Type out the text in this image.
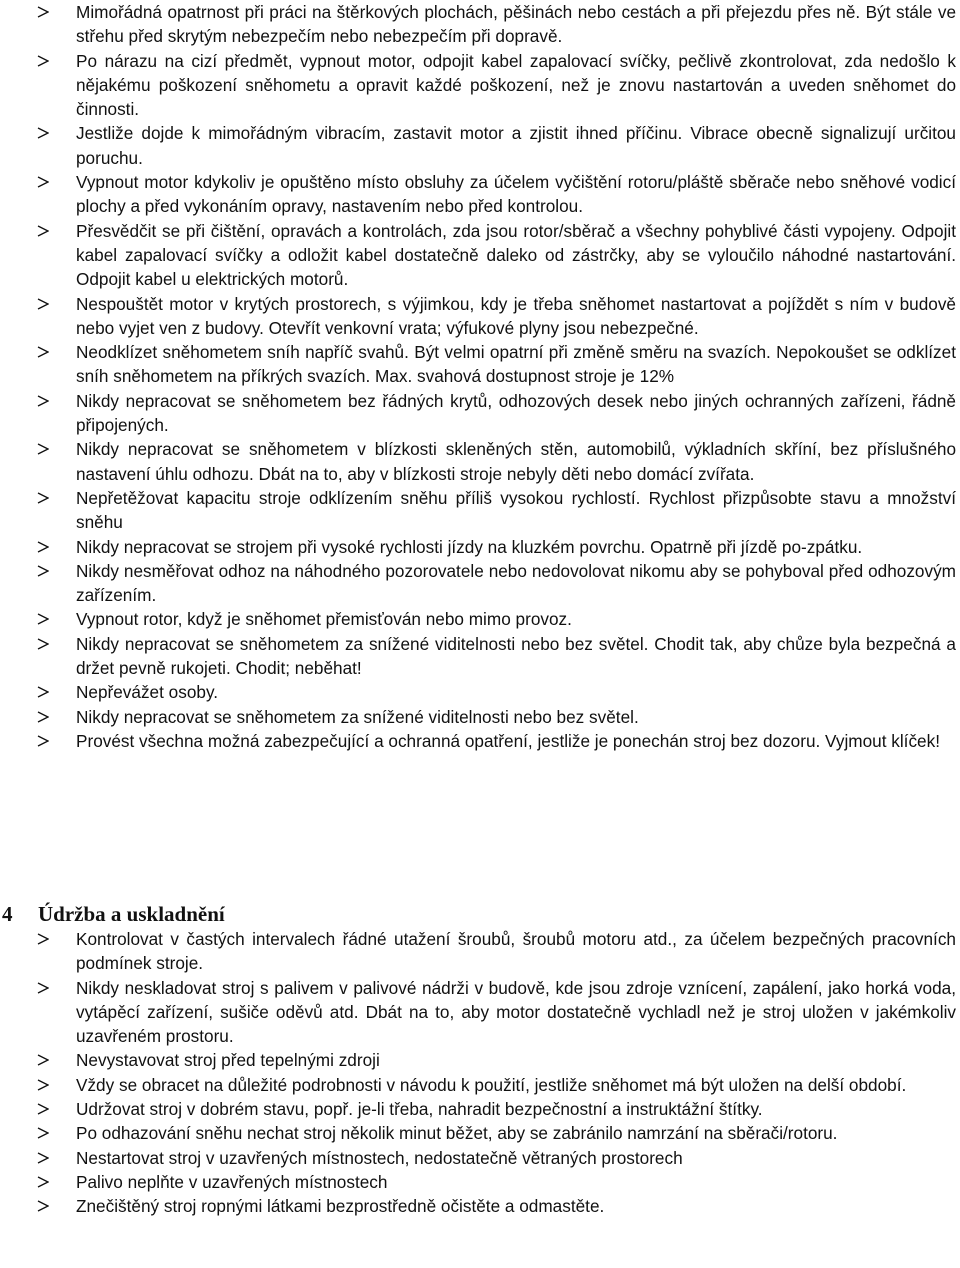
Mimořádná opatrnost při práci na štěrkových plochách, pěšinách nebo cestách a při přejezdu přes ně. Být stále ve střehu před skrytým nebezpečím nebo nebezpečím při dopravě.
Po nárazu na cizí předmět, vypnout motor, odpojit kabel zapalovací svíčky, pečlivě zkontrolovat, zda nedošlo k nějakému poškození sněhometu a opravit každé poškození, než je znovu nastartován a uveden sněhomet do činnosti.
Jestliže dojde k mimořádným vibracím, zastavit motor a zjistit ihned příčinu. Vibrace obecně signalizují určitou poruchu.
Vypnout motor kdykoliv je opuštěno místo obsluhy za účelem vyčištění rotoru/pláště sběrače nebo sněhové vodicí plochy a před vykonáním opravy, nastavením nebo před kontrolou.
Přesvědčit se při čištění, opravách a kontrolách, zda jsou rotor/sběrač a všechny pohyblivé části vypojeny. Odpojit kabel zapalovací svíčky a odložit kabel dostatečně daleko od zástrčky, aby se vyloučilo náhodné nastartování. Odpojit kabel u elektrických motorů.
Nespouštět motor v krytých prostorech, s výjimkou, kdy je třeba sněhomet nastartovat a pojíždět s ním v budově nebo vyjet ven z budovy. Otevřít venkovní vrata; výfukové plyny jsou nebezpečné.
Neodklízet sněhometem sníh napříč svahů. Být velmi opatrní při změně směru na svazích. Nepokoušet se odklízet sníh sněhometem na příkrých svazích. Max. svahová dostupnost stroje je 12%
Nikdy nepracovat se sněhometem bez řádných krytů, odhozových desek nebo jiných ochranných zařízeni, řádně připojených.
Nikdy nepracovat se sněhometem v blízkosti skleněných stěn, automobilů, výkladních skříní, bez příslušného nastavení úhlu odhozu. Dbát na to, aby v blízkosti stroje nebyly děti nebo domácí zvířata.
Nepřetěžovat kapacitu stroje odklízením sněhu příliš vysokou rychlostí. Rychlost přizpůsobte stavu a množství sněhu
Nikdy nepracovat se strojem při vysoké rychlosti jízdy na kluzkém povrchu. Opatrně při jízdě po-zpátku.
Nikdy nesměřovat odhoz na náhodného pozorovatele nebo nedovolovat nikomu aby se pohyboval před odhozovým zařízením.
Vypnout rotor, když je sněhomet přemisťován nebo mimo provoz.
Nikdy nepracovat se sněhometem za snížené viditelnosti nebo bez světel. Chodit tak, aby chůze byla bezpečná a držet pevně rukojeti. Chodit; neběhat!
Nepřevážet osoby.
Nikdy nepracovat se sněhometem za snížené viditelnosti nebo bez světel.
Provést všechna možná zabezpečující a ochranná opatření, jestliže je ponechán stroj bez dozoru. Vyjmout klíček!
4 Údržba a uskladnění
Kontrolovat v častých intervalech řádné utažení šroubů, šroubů motoru atd., za účelem bezpečných pracovních podmínek stroje.
Nikdy neskladovat stroj s palivem v palivové nádrži v budově, kde jsou zdroje vznícení, zapálení, jako horká voda, vytápěcí zařízení, sušiče oděvů atd. Dbát na to, aby motor dostatečně vychladl než je stroj uložen v jakémkoliv uzavřeném prostoru.
Nevystavovat stroj před tepelnými zdroji
Vždy se obracet na důležité podrobnosti v návodu k použití, jestliže sněhomet má být uložen na delší období.
Udržovat stroj v dobrém stavu, popř. je-li třeba, nahradit bezpečnostní a instruktážní štítky.
Po odhazování sněhu nechat stroj několik minut běžet, aby se zabránilo namrzání na sběrači/rotoru.
Nestartovat stroj v uzavřených místnostech, nedostatečně větraných prostorech
Palivo neplňte v uzavřených místnostech
Znečištěný stroj ropnými látkami bezprostředně očistěte a odmastěte.
